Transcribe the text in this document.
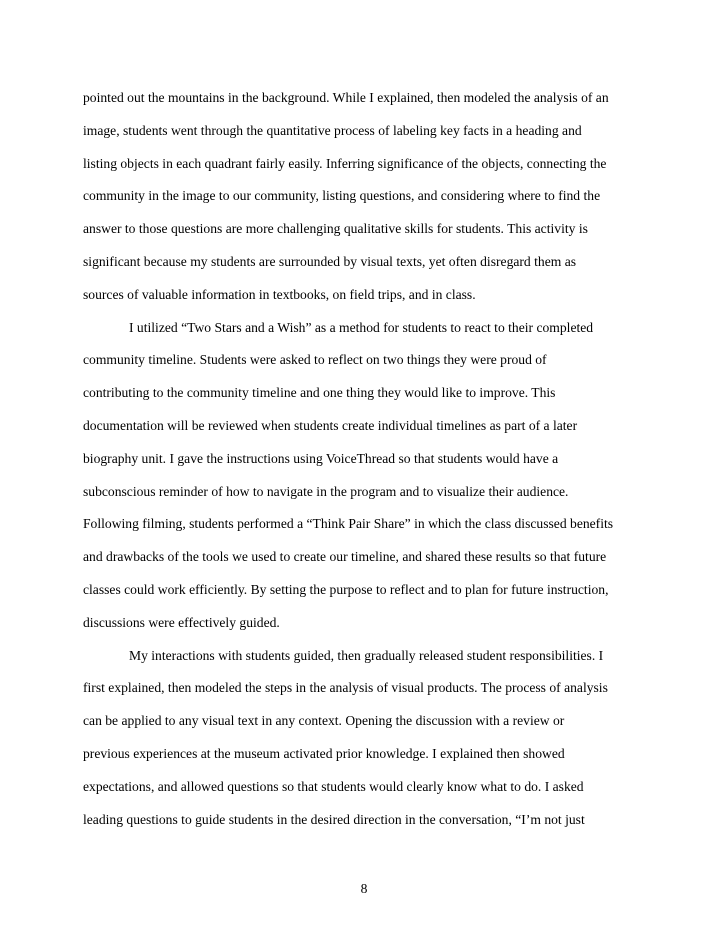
pointed out the mountains in the background. While I explained, then modeled the analysis of an
image, students went through the quantitative process of labeling key facts in a heading and
listing objects in each quadrant fairly easily. Inferring significance of the objects, connecting the
community in the image to our community, listing questions, and considering where to find the
answer to those questions are more challenging qualitative skills for students. This activity is
significant because my students are surrounded by visual texts, yet often disregard them as
sources of valuable information in textbooks, on field trips, and in class.
I utilized “Two Stars and a Wish” as a method for students to react to their completed
community timeline. Students were asked to reflect on two things they were proud of
contributing to the community timeline and one thing they would like to improve. This
documentation will be reviewed when students create individual timelines as part of a later
biography unit. I gave the instructions using VoiceThread so that students would have a
subconscious reminder of how to navigate in the program and to visualize their audience.
Following filming, students performed a “Think Pair Share” in which the class discussed benefits
and drawbacks of the tools we used to create our timeline, and shared these results so that future
classes could work efficiently. By setting the purpose to reflect and to plan for future instruction,
discussions were effectively guided.
My interactions with students guided, then gradually released student responsibilities. I
first explained, then modeled the steps in the analysis of visual products. The process of analysis
can be applied to any visual text in any context. Opening the discussion with a review or
previous experiences at the museum activated prior knowledge. I explained then showed
expectations, and allowed questions so that students would clearly know what to do. I asked
leading questions to guide students in the desired direction in the conversation, “I’m not just
8
